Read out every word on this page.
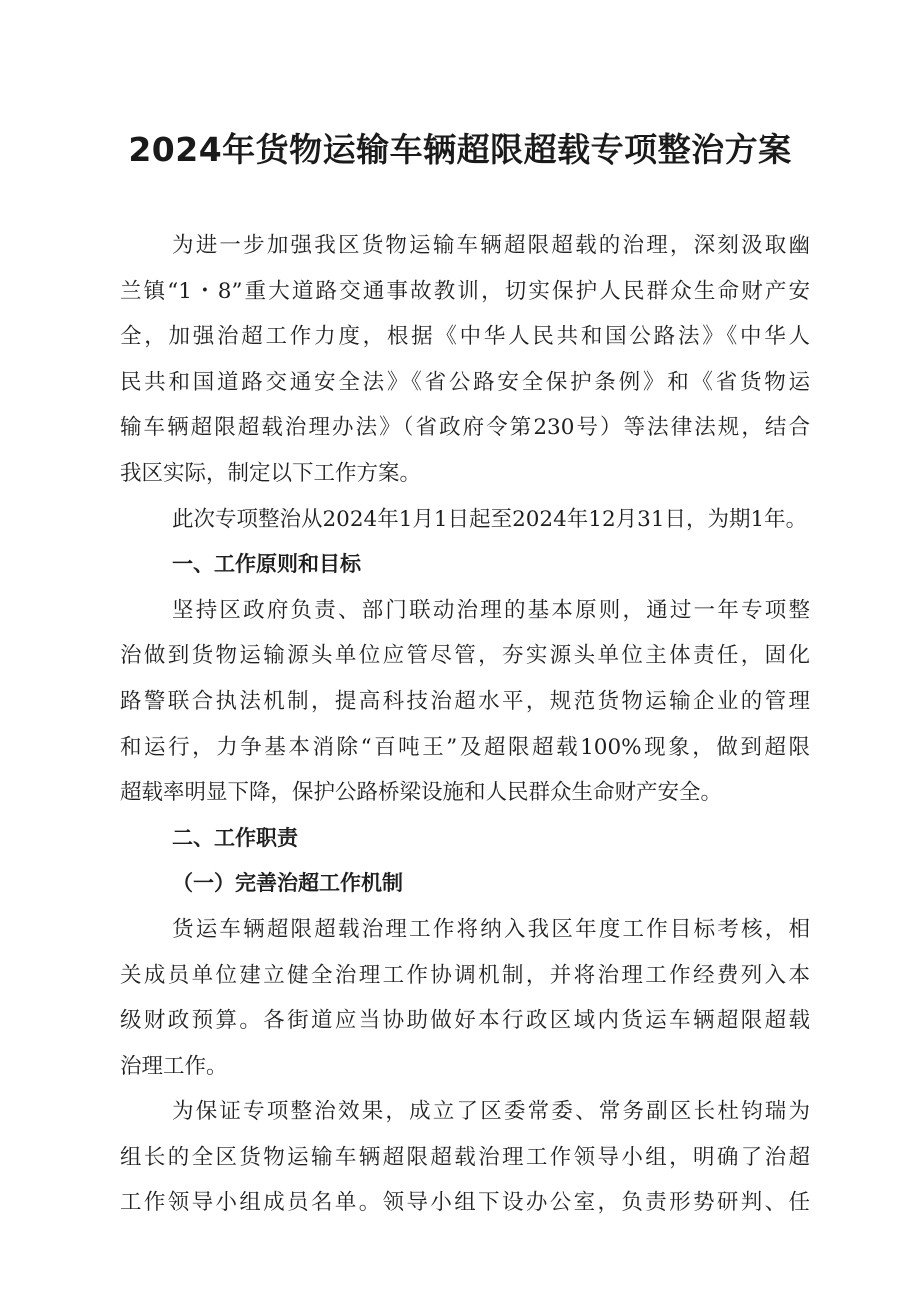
2024年货物运输车辆超限超载专项整治方案
为进一步加强我区货物运输车辆超限超载的治理，深刻汲取幽
兰镇“1・8”重大道路交通事故教训，切实保护人民群众生命财产安
全，加强治超工作力度，根据《中华人民共和国公路法》《中华人
民共和国道路交通安全法》《省公路安全保护条例》和《省货物运
输车辆超限超载治理办法》（省政府令第230号）等法律法规，结合
我区实际，制定以下工作方案。
此次专项整治从2024年1月1日起至2024年12月31日，为期1年。
一、工作原则和目标
坚持区政府负责、部门联动治理的基本原则，通过一年专项整
治做到货物运输源头单位应管尽管，夯实源头单位主体责任，固化
路警联合执法机制，提高科技治超水平，规范货物运输企业的管理
和运行，力争基本消除“百吨王”及超限超载100%现象，做到超限
超载率明显下降，保护公路桥梁设施和人民群众生命财产安全。
二、工作职责
（一）完善治超工作机制
货运车辆超限超载治理工作将纳入我区年度工作目标考核，相
关成员单位建立健全治理工作协调机制，并将治理工作经费列入本
级财政预算。各街道应当协助做好本行政区域内货运车辆超限超载
治理工作。
为保证专项整治效果，成立了区委常委、常务副区长杜钧瑞为
组长的全区货物运输车辆超限超载治理工作领导小组，明确了治超
工作领导小组成员名单。领导小组下设办公室，负责形势研判、任
